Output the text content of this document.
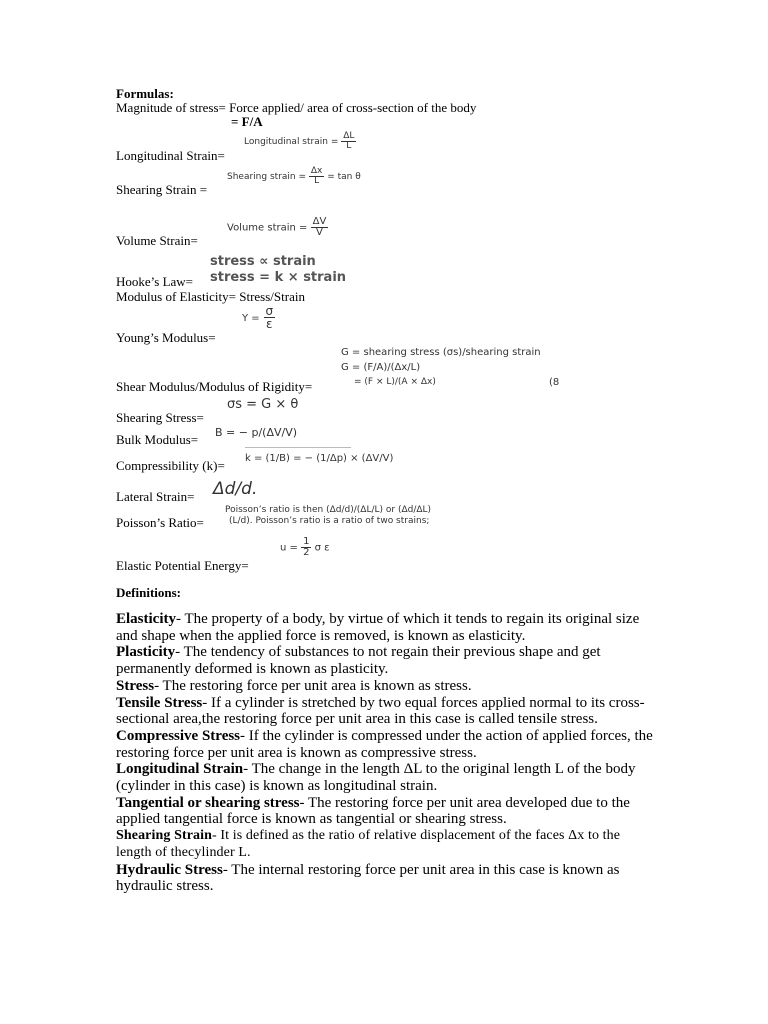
Formulas:
Magnitude of stress= Force applied/ area of cross-section of the body
= F/A
Longitudinal strain = $\frac{\Delta L}{L}$
Longitudinal Strain=
Shearing strain = $\frac{\Delta x}{L} = \tan \theta$
Shearing Strain =
Volume strain = $\frac{\Delta V}{V}$
Volume Strain=
stress ∝ strain
stress = k × strain
Hooke’s Law=
Modulus of Elasticity= Stress/Strain
$Y = \frac{\sigma}{\varepsilon}$
Young’s Modulus=
G = shearing stress (σs)/shearing strain
G = (F/A)/(Δx/L)
= (F × L)/(A × Δx)	(8
Shear Modulus/Modulus of Rigidity=
σs = G × θ
Shearing Stress=
B = − p/(ΔV/V)
Bulk Modulus=
k = (1/B) = − (1/Δp) × (ΔV/V)
Compressibility (k)=
Δd/d.
Lateral Strain=
Poisson’s ratio is then (Δd/d)/(ΔL/L) or (Δd/ΔL)
(L/d). Poisson’s ratio is a ratio of two strains;
Poisson’s Ratio=
$u = \frac{1}{2}$ σ ε
Elastic Potential Energy=
Definitions:

Elasticity- The property of a body, by virtue of which it tends to regain its original size and shape when the applied force is removed, is known as elasticity.

Plasticity- The tendency of substances to not regain their previous shape and get permanently deformed is known as plasticity.

Stress- The restoring force per unit area is known as stress.

Tensile Stress- If a cylinder is stretched by two equal forces applied normal to its cross-sectional area,the restoring force per unit area in this case is called tensile stress.

Compressive Stress- If the cylinder is compressed under the action of applied forces, the restoring force per unit area is known as compressive stress.

Longitudinal Strain- The change in the length ΔL to the original length L of the body (cylinder in this case) is known as longitudinal strain.

Tangential or shearing stress- The restoring force per unit area developed due to the applied tangential force is known as tangential or shearing stress.

Shearing Strain- It is defined as the ratio of relative displacement of the faces Δx to the length of thecylinder L.

Hydraulic Stress- The internal restoring force per unit area in this case is known as hydraulic stress.
